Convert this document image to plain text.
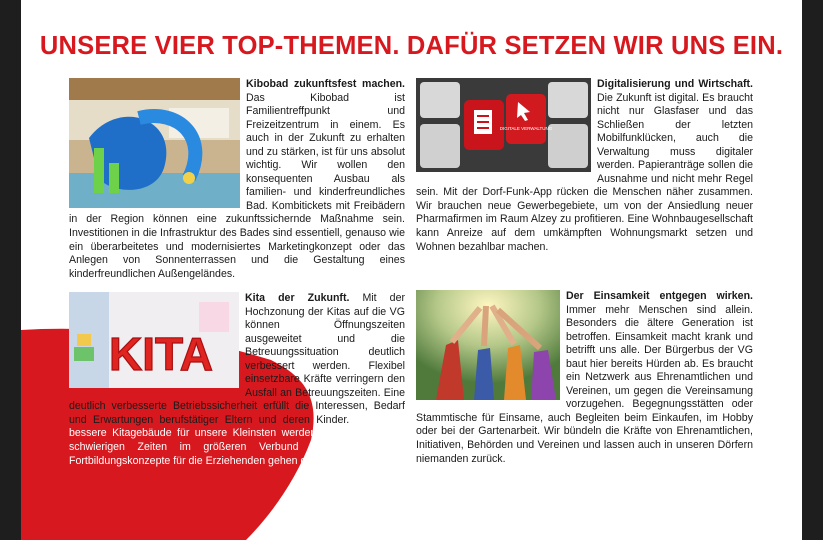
UNSERE VIER TOP-THEMEN. DAFÜR SETZEN WIR UNS EIN.
Kibobad zukunftsfest machen. Das Kibobad ist Familientreffpunkt und Freizeitzentrum in einem. Es auch in der Zukunft zu erhalten und zu stärken, ist für uns absolut wichtig. Wir wollen den konsequenten Ausbau als familien- und kinderfreundliches Bad. Kombitickets mit Freibädern in der Region können eine zukunftssichernde Maßnahme sein. Investitionen in die Infrastruktur des Bades sind essentiell, genauso wie ein überarbeitetes und modernisiertes Marketingkonzept oder das Anlegen von Sonnenterrassen und die Gestaltung eines kinderfreundlichen Außengeländes.
DIGITALE VERWALTUNG
Digitalisierung und Wirtschaft. Die Zukunft ist digital. Es braucht nicht nur Glasfaser und das Schließen der letzten Mobilfunklücken, auch die Verwaltung muss digitaler werden. Papieranträge sollen die Ausnahme und nicht mehr Regel sein. Mit der Dorf-Funk-App rücken die Menschen näher zusammen. Wir brauchen neue Gewerbegebiete, um von der Ansiedlung neuer Pharmafirmen im Raum Alzey zu profitieren. Eine Wohnbaugesellschaft kann Anreize auf dem umkämpften Wohnungsmarkt setzen und Wohnen bezahlbar machen.
KITA
Kita der Zukunft. Mit der Hochzonung der Kitas auf die VG können Öffnungszeiten ausgeweitet und die Betreuungssituation deutlich verbessert werden. Flexibel einsetzbare Kräfte verringern den Ausfall an Betreuungszeiten. Eine deutlich verbesserte Betriebssicherheit erfüllt die Interessen, Bedarf und Erwartungen berufstätiger Eltern und deren Kinder. Neue und bessere Kitagebäude für unsere Kleinsten werden auch in finanziell schwierigen Zeiten im größeren Verbund möglich. Moderne Fortbildungskonzepte für die Erziehenden gehen damit einher.
Der Einsamkeit entgegen wirken. Immer mehr Menschen sind allein. Besonders die ältere Generation ist betroffen. Einsamkeit macht krank und betrifft uns alle. Der Bürgerbus der VG baut hier bereits Hürden ab. Es braucht ein Netzwerk aus Ehrenamtlichen und Vereinen, um gegen die Vereinsamung vorzugehen. Begegnungsstätten oder Stammtische für Einsame, auch Begleiten beim Einkaufen, im Hobby oder bei der Gartenarbeit. Wir bündeln die Kräfte von Ehrenamtlichen, Initiativen, Behörden und Vereinen und lassen auch in unseren Dörfern niemanden zurück.
